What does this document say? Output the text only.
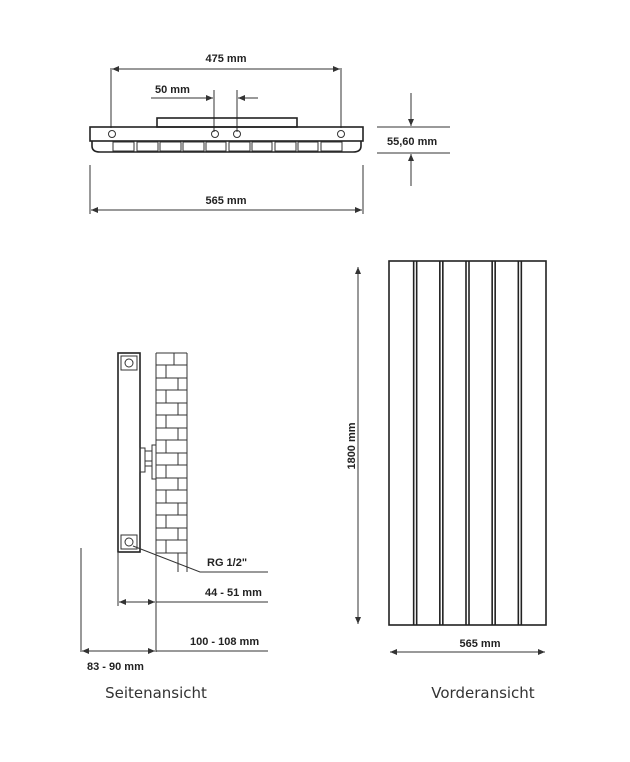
475 mm
50 mm
55,60 mm
565 mm
RG 1/2"
44 - 51 mm
100 - 108 mm
83 - 90 mm
Seitenansicht
1800 mm
565 mm
Vorderansicht
